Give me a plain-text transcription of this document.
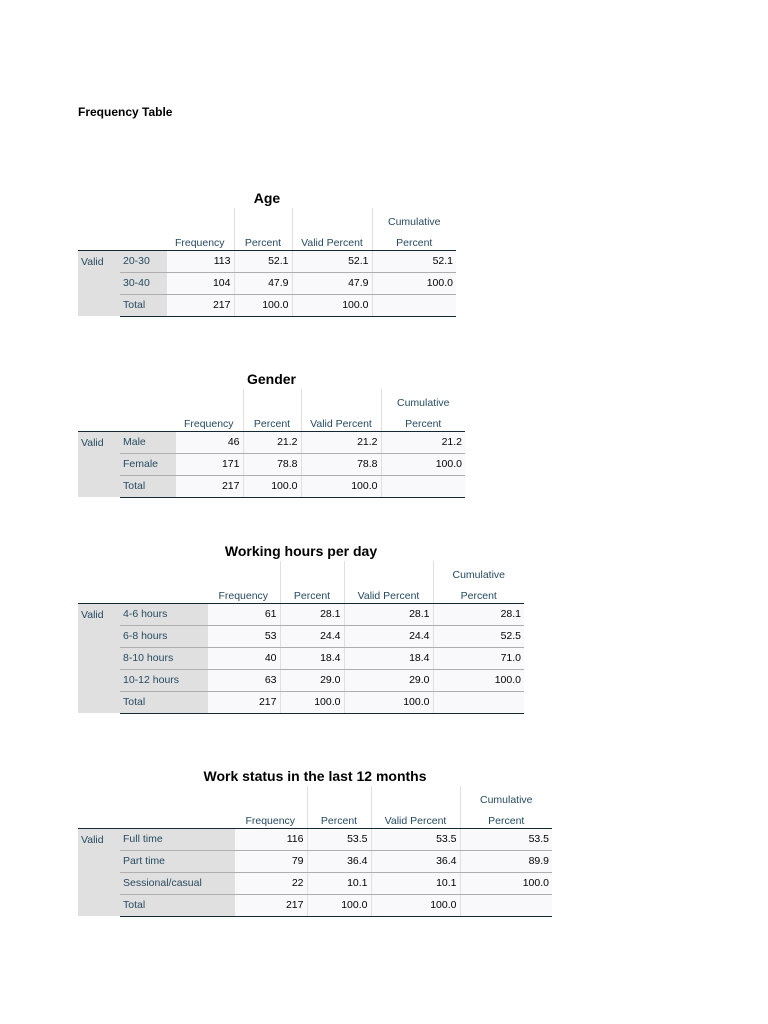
Frequency Table
Age
					Cumulative
		Frequency	Percent	Valid Percent	Percent
Valid	20-30	113	52.1	52.1	52.1
	30-40	104	47.9	47.9	100.0
	Total	217	100.0	100.0	
Gender
					Cumulative
		Frequency	Percent	Valid Percent	Percent
Valid	Male	46	21.2	21.2	21.2
	Female	171	78.8	78.8	100.0
	Total	217	100.0	100.0	
Working hours per day
					Cumulative
		Frequency	Percent	Valid Percent	Percent
Valid	4-6 hours	61	28.1	28.1	28.1
	6-8 hours	53	24.4	24.4	52.5
	8-10 hours	40	18.4	18.4	71.0
	10-12 hours	63	29.0	29.0	100.0
	Total	217	100.0	100.0	
Work status in the last 12 months
					Cumulative
		Frequency	Percent	Valid Percent	Percent
Valid	Full time	116	53.5	53.5	53.5
	Part time	79	36.4	36.4	89.9
	Sessional/casual	22	10.1	10.1	100.0
	Total	217	100.0	100.0	
